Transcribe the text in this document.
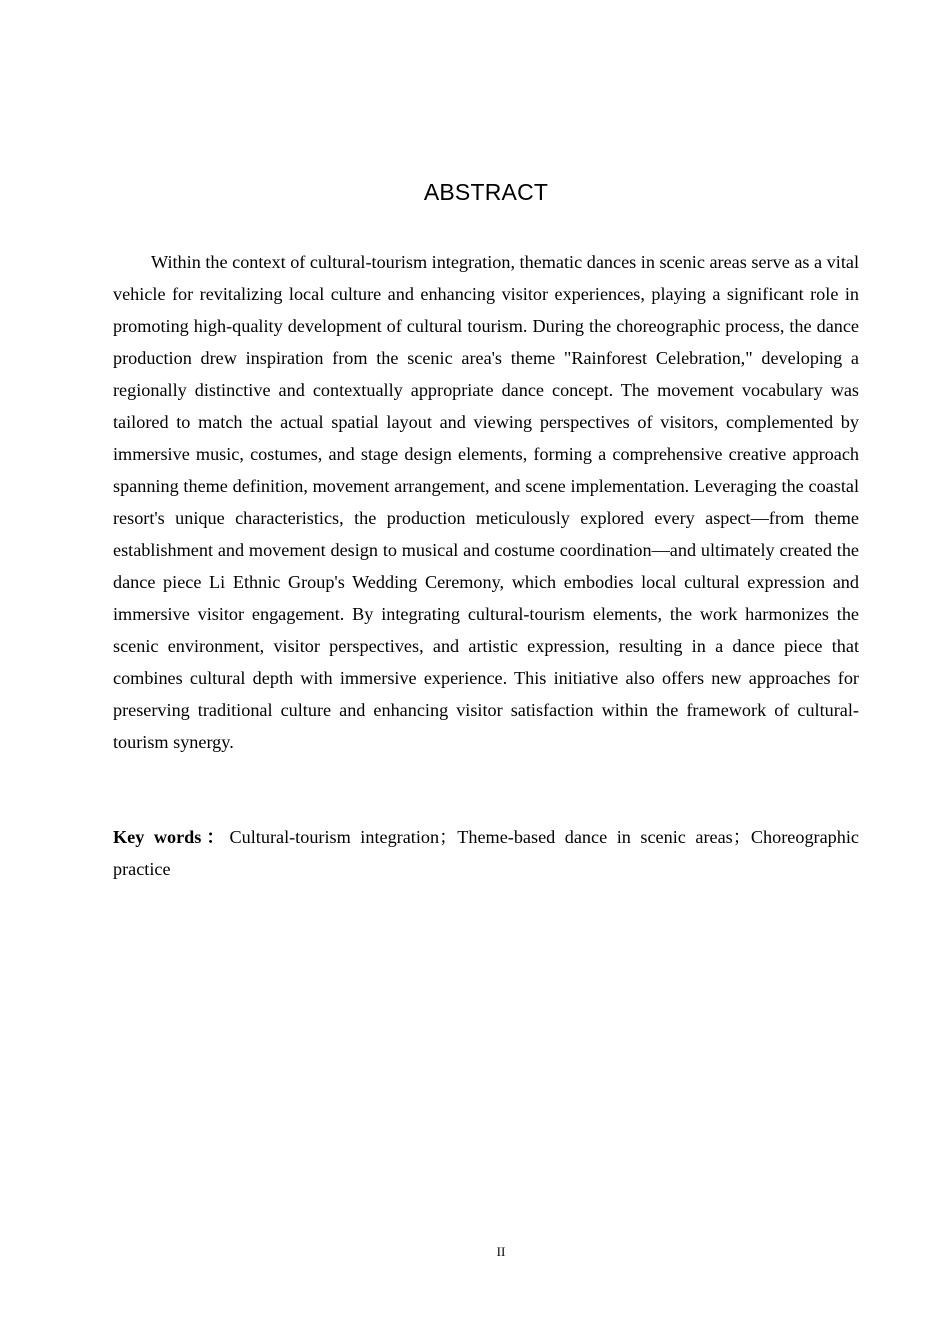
ABSTRACT

Within the context of cultural-tourism integration, thematic dances in scenic areas serve as a vital vehicle for revitalizing local culture and enhancing visitor experiences, playing a significant role in promoting high-quality development of cultural tourism. During the choreographic process, the dance production drew inspiration from the scenic area's theme "Rainforest Celebration," developing a regionally distinctive and contextually appropriate dance concept. The movement vocabulary was tailored to match the actual spatial layout and viewing perspectives of visitors, complemented by immersive music, costumes, and stage design elements, forming a comprehensive creative approach spanning theme definition, movement arrangement, and scene implementation. Leveraging the coastal resort's unique characteristics, the production meticulously explored every aspect—from theme establishment and movement design to musical and costume coordination—and ultimately created the dance piece Li Ethnic Group's Wedding Ceremony, which embodies local cultural expression and immersive visitor engagement. By integrating cultural-tourism elements, the work harmonizes the scenic environment, visitor perspectives, and artistic expression, resulting in a dance piece that combines cultural depth with immersive experience. This initiative also offers new approaches for preserving traditional culture and enhancing visitor satisfaction within the framework of cultural-tourism synergy.

Key words：Cultural-tourism integration；Theme-based dance in scenic areas；Choreographic practice

II
